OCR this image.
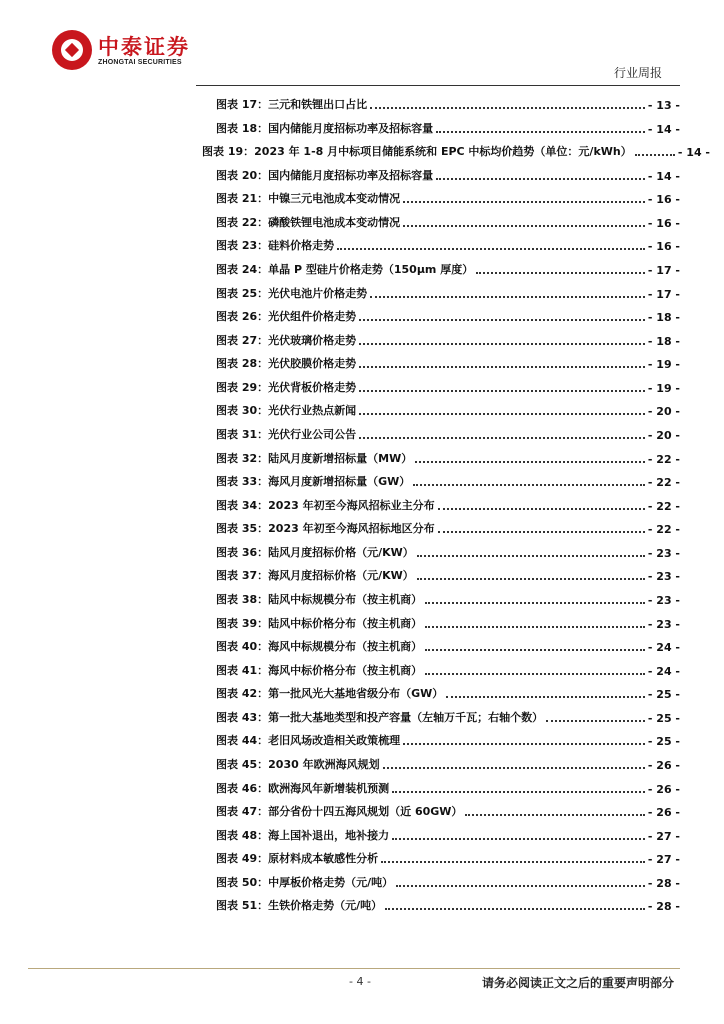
中泰证券
ZHONGTAI SECURITIES
行业周报
图表 17：三元和铁锂出口占比	- 13 -
图表 18：国内储能月度招标功率及招标容量	- 14 -
图表 19：2023 年 1-8 月中标项目储能系统和 EPC 中标均价趋势（单位：元/kWh）	- 14 -
图表 20：国内储能月度招标功率及招标容量	- 14 -
图表 21：中镍三元电池成本变动情况	- 16 -
图表 22：磷酸铁锂电池成本变动情况	- 16 -
图表 23：硅料价格走势	- 16 -
图表 24：单晶 P 型硅片价格走势（150μm 厚度）	- 17 -
图表 25：光伏电池片价格走势	- 17 -
图表 26：光伏组件价格走势	- 18 -
图表 27：光伏玻璃价格走势	- 18 -
图表 28：光伏胶膜价格走势	- 19 -
图表 29：光伏背板价格走势	- 19 -
图表 30：光伏行业热点新闻	- 20 -
图表 31：光伏行业公司公告	- 20 -
图表 32：陆风月度新增招标量（MW）	- 22 -
图表 33：海风月度新增招标量（GW）	- 22 -
图表 34：2023 年初至今海风招标业主分布	- 22 -
图表 35：2023 年初至今海风招标地区分布	- 22 -
图表 36：陆风月度招标价格（元/KW）	- 23 -
图表 37：海风月度招标价格（元/KW）	- 23 -
图表 38：陆风中标规模分布（按主机商）	- 23 -
图表 39：陆风中标价格分布（按主机商）	- 23 -
图表 40：海风中标规模分布（按主机商）	- 24 -
图表 41：海风中标价格分布（按主机商）	- 24 -
图表 42：第一批风光大基地省级分布（GW）	- 25 -
图表 43：第一批大基地类型和投产容量（左轴万千瓦；右轴个数）	- 25 -
图表 44：老旧风场改造相关政策梳理	- 25 -
图表 45：2030 年欧洲海风规划	- 26 -
图表 46：欧洲海风年新增装机预测	- 26 -
图表 47：部分省份十四五海风规划（近 60GW）	- 26 -
图表 48：海上国补退出，地补接力	- 27 -
图表 49：原材料成本敏感性分析	- 27 -
图表 50：中厚板价格走势（元/吨）	- 28 -
图表 51：生铁价格走势（元/吨）	- 28 -
- 4 -	请务必阅读正文之后的重要声明部分
